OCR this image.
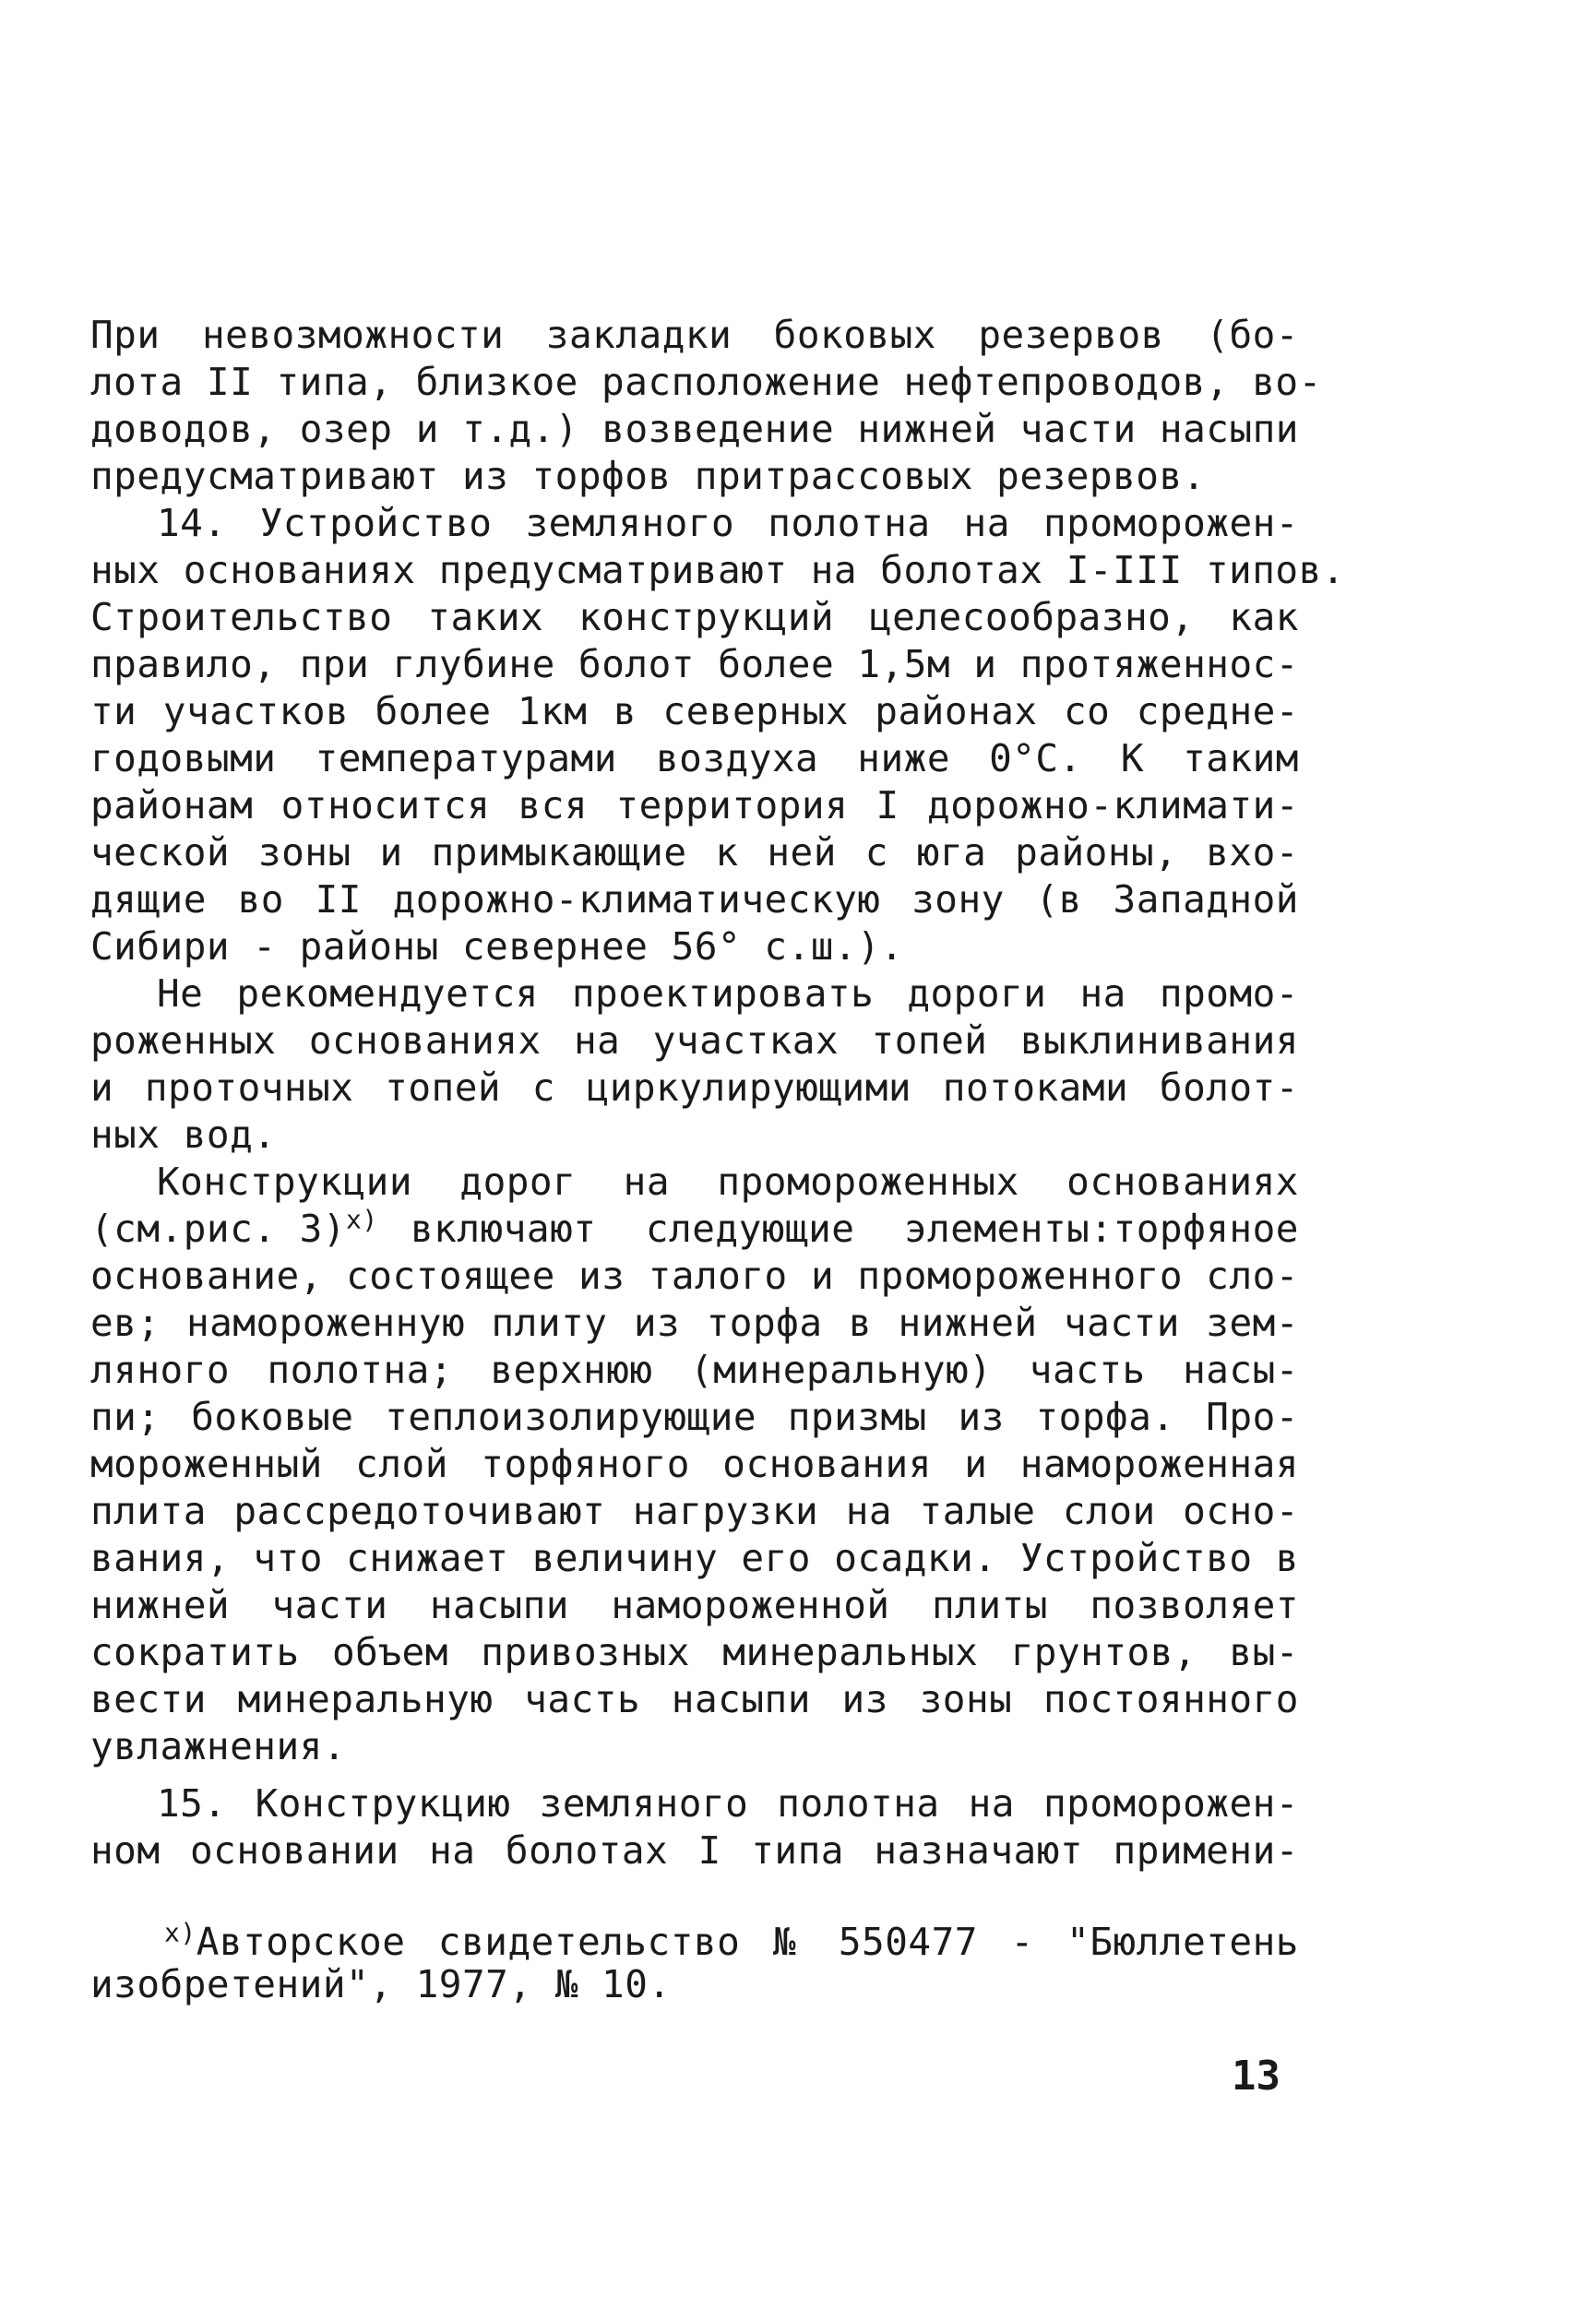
При невозможности закладки боковых резервов (бо-
лота II типа, близкое расположение нефтепроводов, во-
доводов, озер и т.д.) возведение нижней части насыпи
предусматривают из торфов притрассовых резервов.
14. Устройство земляного полотна на проморожен-
ных основаниях предусматривают на болотах I-III типов.
Строительство таких конструкций целесообразно, как
правило, при глубине болот более 1,5м и протяженнос-
ти участков более 1км в северных районах со средне-
годовыми температурами воздуха ниже 0°С. К таким
районам относится вся территория I дорожно-климати-
ческой зоны и примыкающие к ней с юга районы, вхо-
дящие во II дорожно-климатическую зону (в Западной
Сибири - районы севернее 56° с.ш.).
Не рекомендуется проектировать дороги на промо-
роженных основаниях на участках топей выклинивания
и проточных топей с циркулирующими потоками болот-
ных вод.
Конструкции дорог на промороженных основаниях
(см.рис. 3)$^{x)}$ включают следующие элементы:торфяное
основание, состоящее из талого и промороженного сло-
ев; намороженную плиту из торфа в нижней части зем-
ляного полотна; верхнюю (минеральную) часть насы-
пи; боковые теплоизолирующие призмы из торфа. Про-
мороженный слой торфяного основания и намороженная
плита рассредоточивают нагрузки на талые слои осно-
вания, что снижает величину его осадки. Устройство в
нижней части насыпи намороженной плиты позволяет
сократить объем привозных минеральных грунтов, вы-
вести минеральную часть насыпи из зоны постоянного
увлажнения.
15. Конструкцию земляного полотна на проморожен-
ном основании на болотах I типа назначают примени-
$^{x)}$Авторское свидетельство № 550477 - "Бюллетень
изобретений", 1977, № 10.
13
